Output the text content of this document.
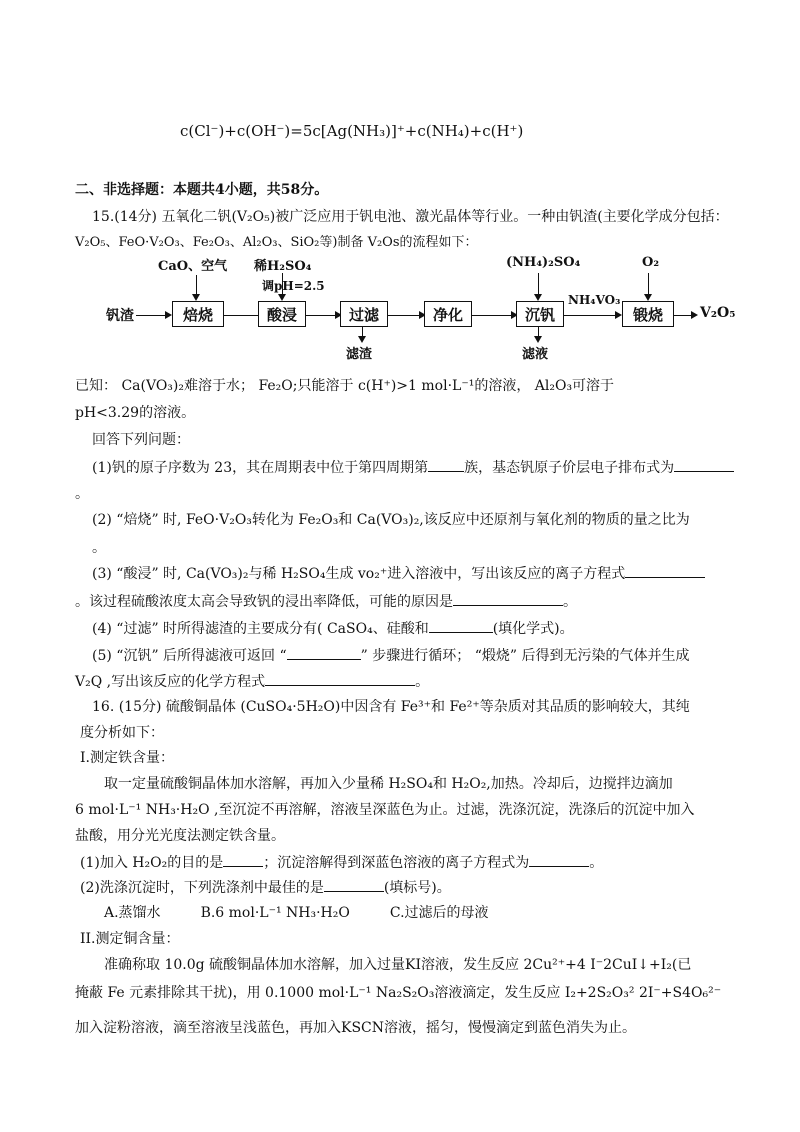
c(Cl⁻)+c(OH⁻)=5c[Ag(NH₃)]⁺+c(NH₄)+c(H⁺)
二、非选择题：本题共4小题，共58分。
15.(14分) 五氧化二钒(V₂O₅)被广泛应用于钒电池、激光晶体等行业。一种由钒渣(主要化学成分包括：
V₂O₅、FeO·V₂O₃、Fe₂O₃、Al₂O₃、SiO₂等)制备 V₂Os的流程如下：
钒渣
CaO、空气
焙烧
稀H₂SO₄
调pH=2.5
酸浸	过滤
滤渣
净化
(NH₄)₂SO₄
沉钒
滤液
NH₄VO₃
O₂
锻烧	V₂O₅
已知： Ca(VO₃)₂难溶于水； Fe₂O;只能溶于 c(H⁺)>1 mol·L⁻¹的溶液， Al₂O₃可溶于
pH<3.29的溶液。
回答下列问题：
(1)钒的原子序数为 23，其在周期表中位于第四周期第	族，基态钒原子价层电子排布式为
。
(2) “焙烧” 时, FeO·V₂O₃转化为 Fe₂O₃和 Ca(VO₃)₂,该反应中还原剂与氧化剂的物质的量之比为
。
(3) “酸浸” 时, Ca(VO₃)₂与稀 H₂SO₄生成 vo₂⁺进入溶液中，写出该反应的离子方程式
。该过程硫酸浓度太高会导致钒的浸出率降低，可能的原因是	。
(4) “过滤” 时所得滤渣的主要成分有( CaSO₄、硅酸和	(填化学式)。
(5) “沉钒” 后所得滤液可返回 “	” 步骤进行循环； “煅烧” 后得到无污染的气体并生成
V₂Q ,写出该反应的化学方程式	。
16. (15分) 硫酸铜晶体 (CuSO₄·5H₂O)中因含有 Fe³⁺和 Fe²⁺等杂质对其品质的影响较大，其纯
度分析如下：
I.测定铁含量：
取一定量硫酸铜晶体加水溶解，再加入少量稀 H₂SO₄和 H₂O₂,加热。冷却后，边搅拌边滴加
6 mol·L⁻¹ NH₃·H₂O ,至沉淀不再溶解，溶液呈深蓝色为止。过滤，洗涤沉淀，洗涤后的沉淀中加入
盐酸，用分光光度法测定铁含量。
(1)加入 H₂O₂的目的是	；沉淀溶解得到深蓝色溶液的离子方程式为	。
(2)洗涤沉淀时，下列洗涤剂中最佳的是	(填标号)。
A.蒸馏水	B.6 mol·L⁻¹ NH₃·H₂O	C.过滤后的母液
II.测定铜含量：
准确称取 10.0g 硫酸铜晶体加水溶解，加入过量KI溶液，发生反应 2Cu²⁺+4 I⁻2CuI↓+I₂(已
掩蔽 Fe 元素排除其干扰)，用 0.1000 mol·L⁻¹ Na₂S₂O₃溶液滴定，发生反应 I₂+2S₂O₃² 2I⁻+S4O₆²⁻
加入淀粉溶液，滴至溶液呈浅蓝色，再加入KSCN溶液，摇匀，慢慢滴定到蓝色消失为止。
